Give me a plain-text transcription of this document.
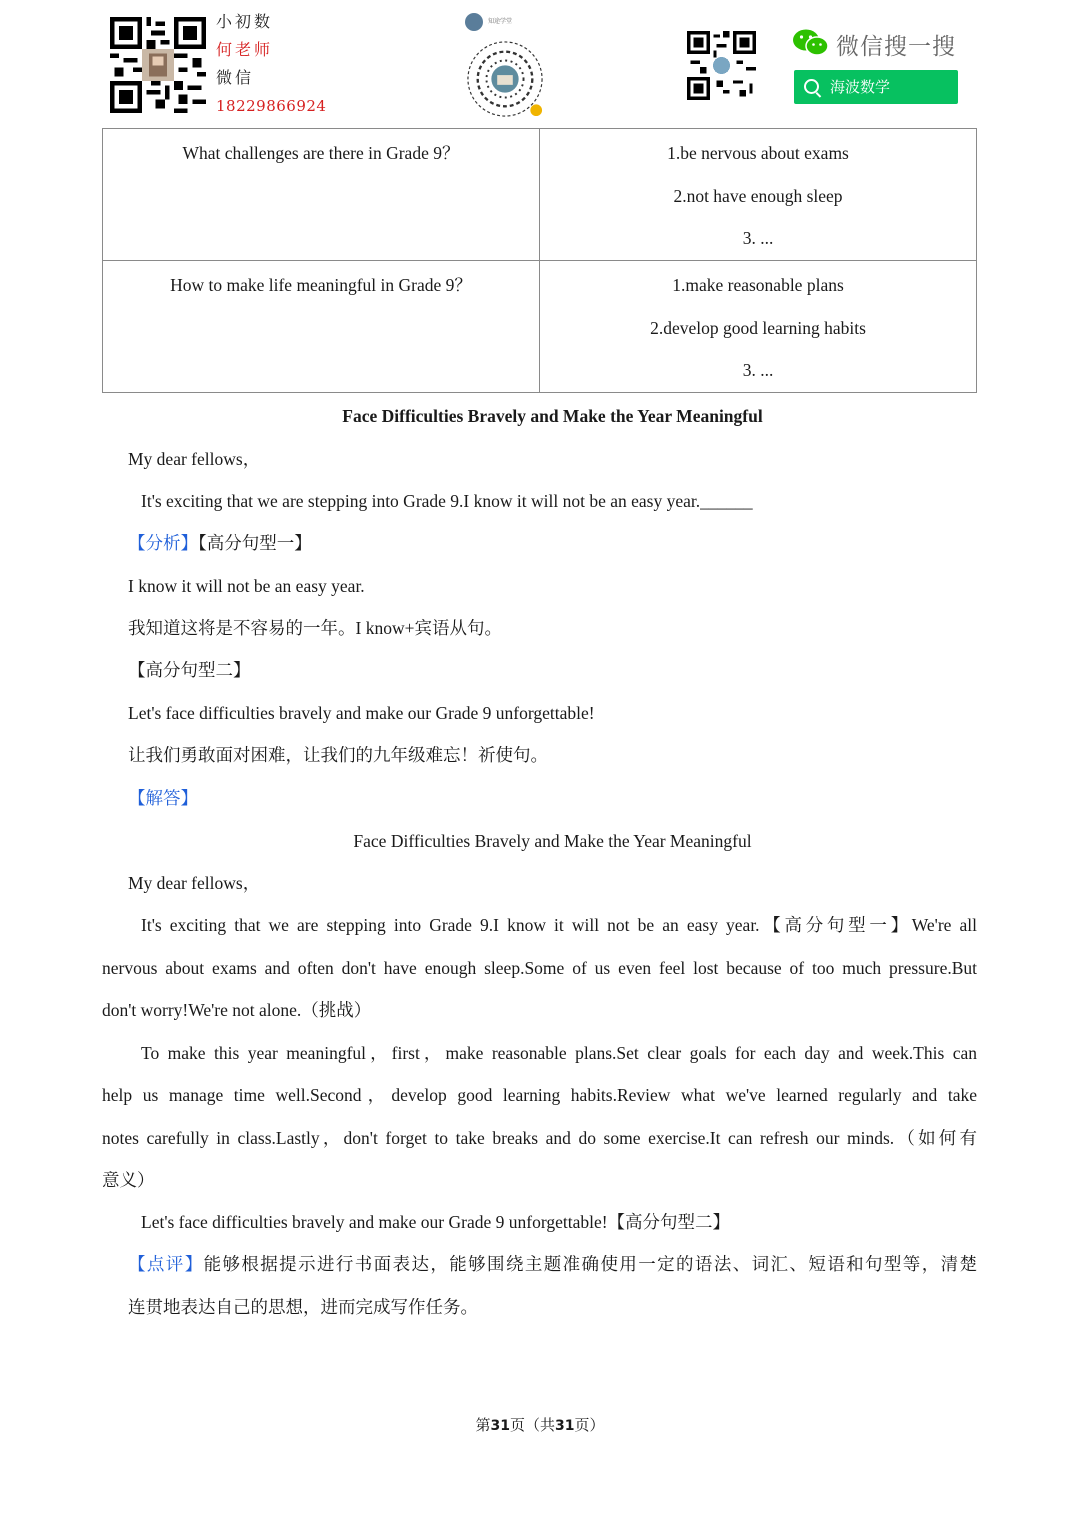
小初数
何老师
微信
18229866924
知途学堂
微信搜一搜
海波数学
What challenges are there in Grade 9？	1.be nervous about exams
2.not have enough sleep
3. ...

How to make life meaningful in Grade 9？	1.make reasonable plans
2.develop good learning habits
3. ...
Face Difficulties Bravely and Make the Year Meaningful
My dear fellows，
It's exciting that we are stepping into Grade 9.I know it will not be an easy year.______
【分析】【高分句型一】
I know it will not be an easy year.
我知道这将是不容易的一年。I know+宾语从句。
【高分句型二】
Let's face difficulties bravely and make our Grade 9 unforgettable!
让我们勇敢面对困难，让我们的九年级难忘！祈使句。
【解答】
Face Difficulties Bravely and Make the Year Meaningful
My dear fellows，
It's exciting that we are stepping into Grade 9.I know it will not be an easy year.【高分句型一】We're all
nervous about exams and often don't have enough sleep.Some of us even feel lost because of too much pressure.But
don't worry!We're not alone.（挑战）
To make this year meaningful，first，make reasonable plans.Set clear goals for each day and week.This can
help us manage time well.Second，develop good learning habits.Review what we've learned regularly and take
notes carefully in class.Lastly，don't forget to take breaks and do some exercise.It can refresh our minds.（如何有
意义）
Let's face difficulties bravely and make our Grade 9 unforgettable!【高分句型二】
【点评】能够根据提示进行书面表达，能够围绕主题准确使用一定的语法、词汇、短语和句型等，清楚
连贯地表达自己的思想，进而完成写作任务。
第31页（共31页）
